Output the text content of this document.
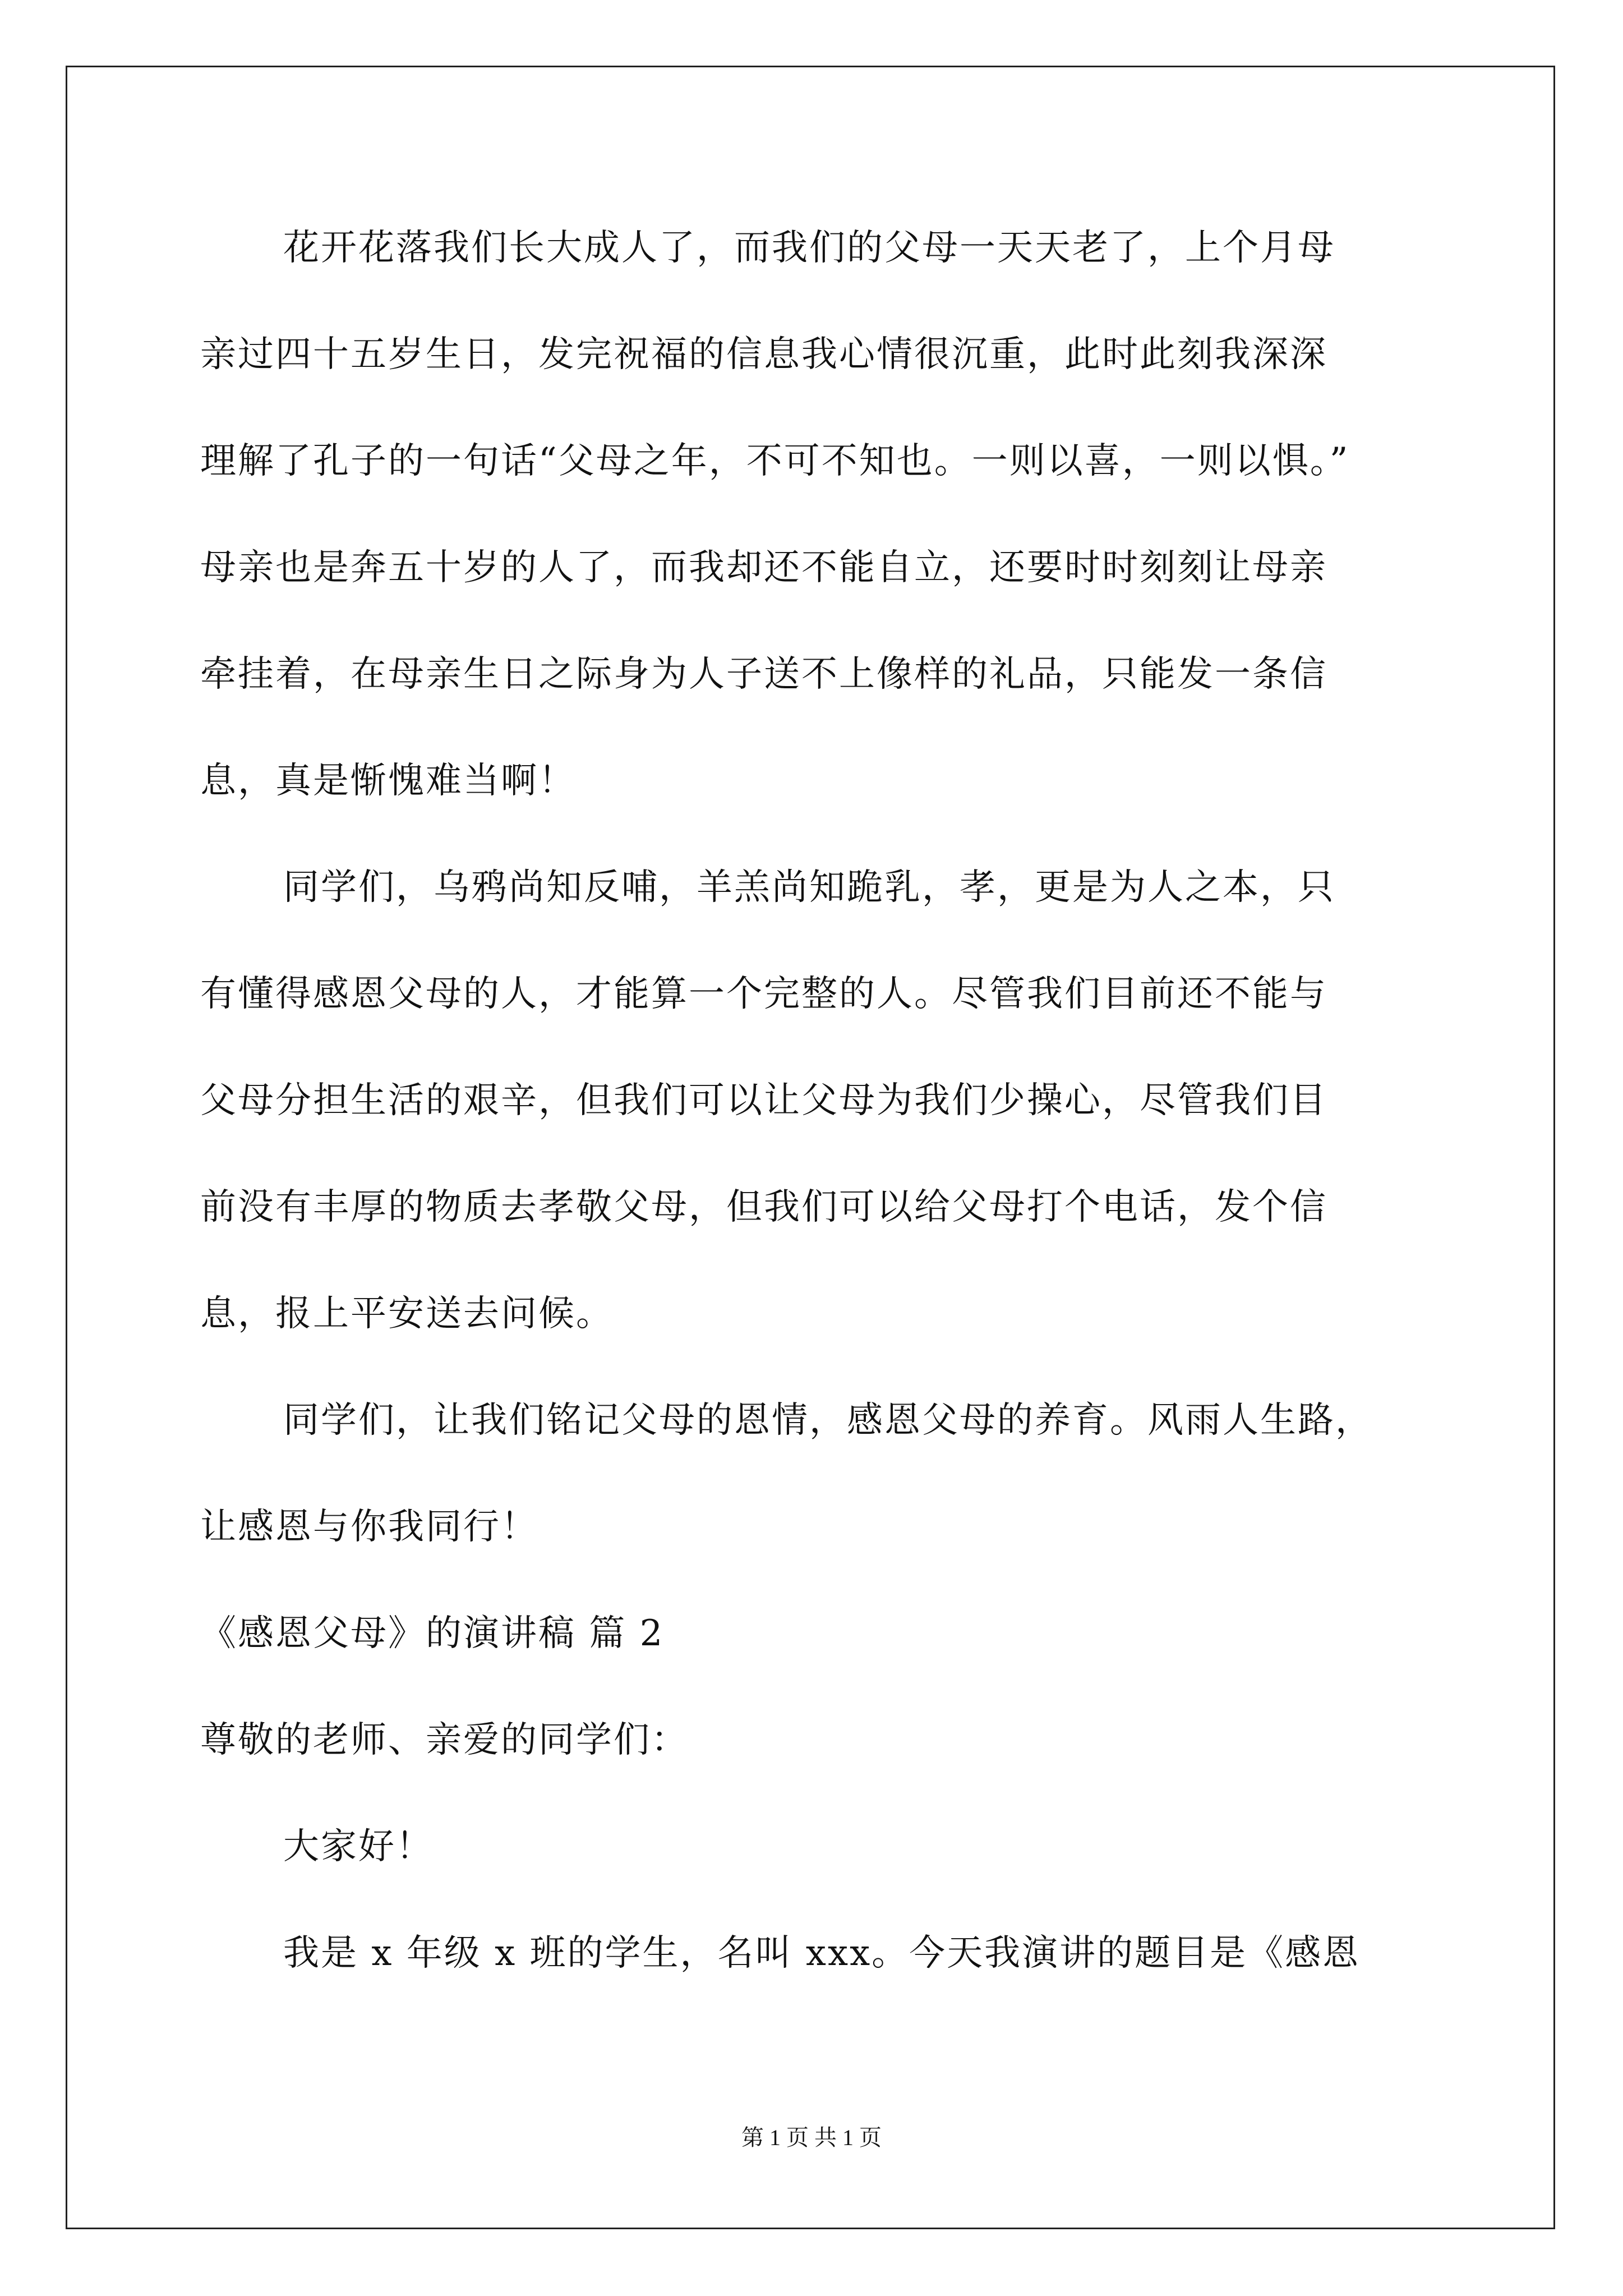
花开花落我们长大成人了，而我们的父母一天天老了，上个月母
亲过四十五岁生日，发完祝福的信息我心情很沉重，此时此刻我深深
理解了孔子的一句话“父母之年，不可不知也。一则以喜，一则以惧。”
母亲也是奔五十岁的人了，而我却还不能自立，还要时时刻刻让母亲
牵挂着，在母亲生日之际身为人子送不上像样的礼品，只能发一条信
息，真是惭愧难当啊！
同学们，乌鸦尚知反哺，羊羔尚知跪乳，孝，更是为人之本，只
有懂得感恩父母的人，才能算一个完整的人。尽管我们目前还不能与
父母分担生活的艰辛，但我们可以让父母为我们少操心，尽管我们目
前没有丰厚的物质去孝敬父母，但我们可以给父母打个电话，发个信
息，报上平安送去问候。
同学们，让我们铭记父母的恩情，感恩父母的养育。风雨人生路，
让感恩与你我同行！
《感恩父母》的演讲稿 篇 2
尊敬的老师、亲爱的同学们：
大家好！
我是 x 年级 x 班的学生，名叫 xxx。今天我演讲的题目是《感恩
第 1 页 共 1 页
